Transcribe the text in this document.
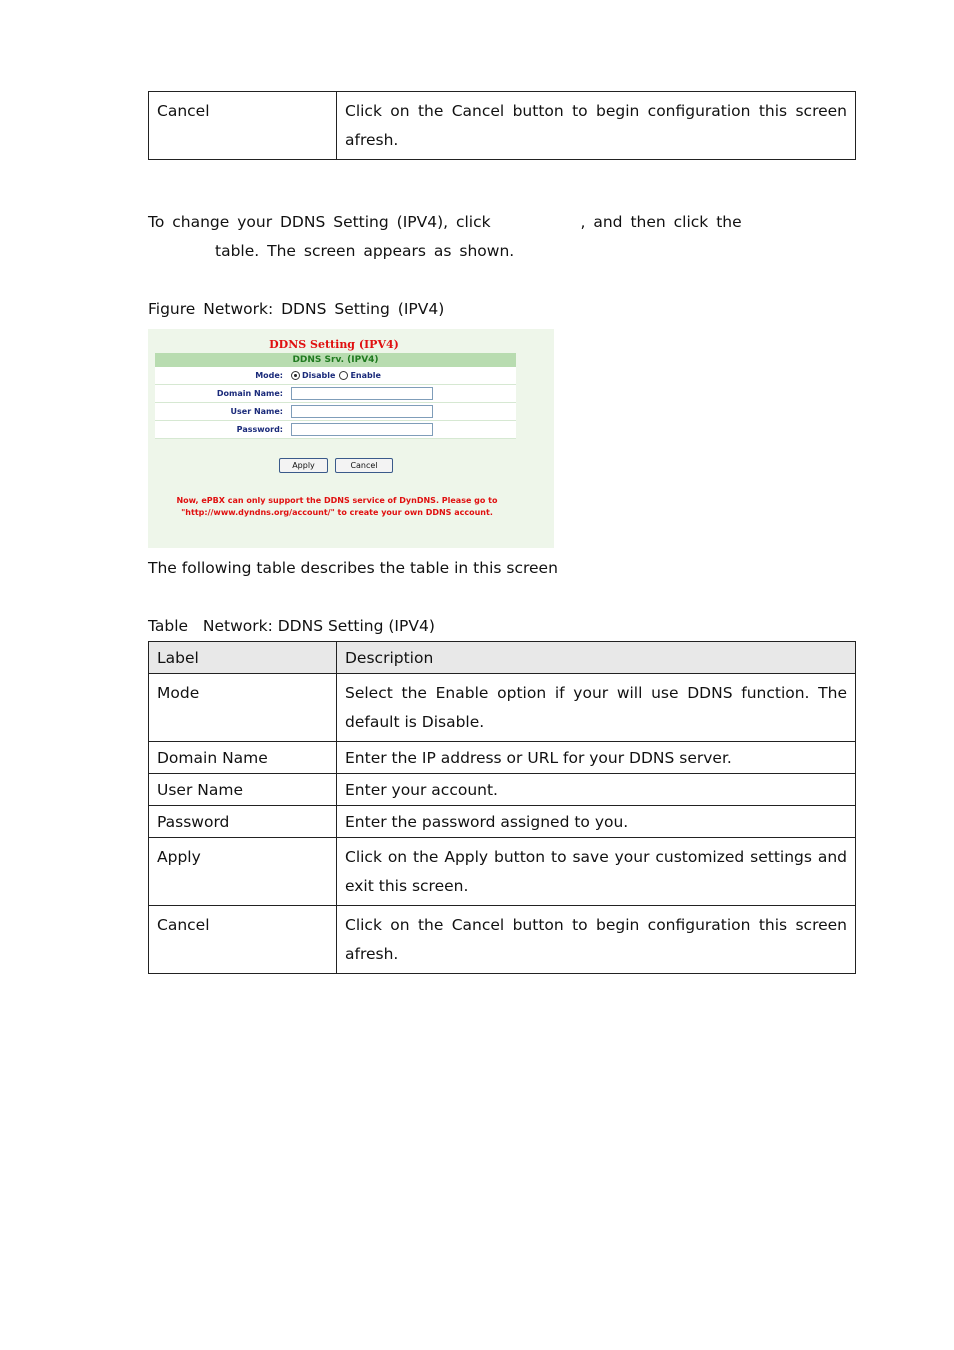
Cancel	Click on the Cancel button to begin configuration this screen afresh.
To change your DDNS Setting (IPV4), click	, and then click the
table. The screen appears as shown.
Figure Network: DDNS Setting (IPV4)
DDNS Setting (IPV4)
DDNS Srv. (IPV4)
Mode:	Disable Enable
Domain Name:
User Name:
Password:
Apply	Cancel
Now, ePBX can only support the DDNS service of DynDNS. Please go to "http://www.dyndns.org/account/" to create your own DDNS account.
The following table describes the table in this screen
Table   Network: DDNS Setting (IPV4)
Label	Description
Mode	Select the Enable option if your will use DDNS function. The default is Disable.
Domain Name	Enter the IP address or URL for your DDNS server.
User Name	Enter your account.
Password	Enter the password assigned to you.
Apply	Click on the Apply button to save your customized settings and exit this screen.
Cancel	Click on the Cancel button to begin configuration this screen afresh.
